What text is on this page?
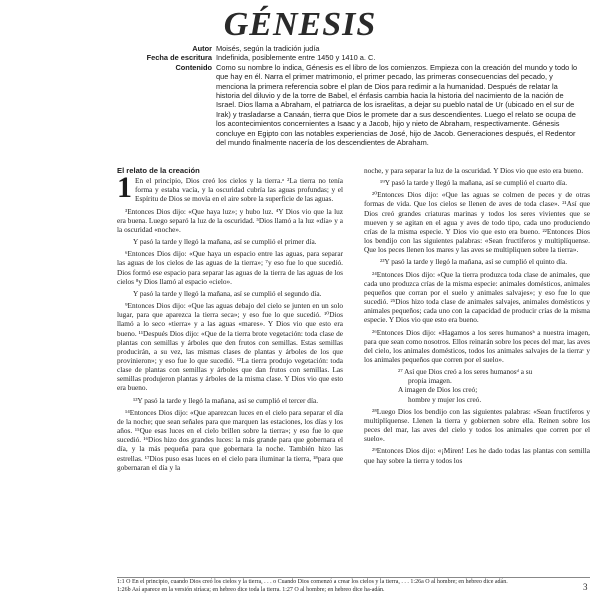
GÉNESIS
Autor Moisés, según la tradición judía
Fecha de escritura Indefinida, posiblemente entre 1450 y 1410 a. C.
Contenido Como su nombre lo indica, Génesis es el libro de los comienzos. Empieza con la creación del mundo y todo lo que hay en él. Narra el primer matrimonio, el primer pecado, las primeras consecuencias del pecado, y menciona la primera referencia sobre el plan de Dios para redimir a la humanidad. Después de relatar la historia del diluvio y de la torre de Babel, el énfasis cambia hacia la historia del nacimiento de la nación de Israel. Dios llama a Abraham, el patriarca de los israelitas, a dejar su pueblo natal de Ur (ubicado en el sur de Irak) y trasladarse a Canaán, tierra que Dios le promete dar a sus descendientes. Luego el relato se ocupa de los acontecimientos concernientes a Isaac y a Jacob, hijo y nieto de Abraham, respectivamente. Génesis concluye en Egipto con las notables experiencias de José, hijo de Jacob. Generaciones después, el Redentor del mundo finalmente nacería de los descendientes de Abraham.
El relato de la creación

1 En el principio, Dios creó los cielos y la tierra.ᵃ ²La tierra no tenía forma y estaba vacía, y la oscuridad cubría las aguas profundas; y el Espíritu de Dios se movía en el aire sobre la superficie de las aguas.

³Entonces Dios dijo: «Que haya luz»; y hubo luz. ⁴Y Dios vio que la luz era buena. Luego separó la luz de la oscuridad. ⁵Dios llamó a la luz «día» y a la oscuridad «noche».

Y pasó la tarde y llegó la mañana, así se cumplió el primer día.

⁶Entonces Dios dijo: «Que haya un espacio entre las aguas, para separar las aguas de los cielos de las aguas de la tierra»; ⁷y eso fue lo que sucedió. Dios formó ese espacio para separar las aguas de la tierra de las aguas de los cielos ⁸y Dios llamó al espacio «cielo».

Y pasó la tarde y llegó la mañana, así se cumplió el segundo día.

⁹Entonces Dios dijo: «Que las aguas debajo del cielo se junten en un solo lugar, para que aparezca la tierra seca»; y eso fue lo que sucedió. ¹⁰Dios llamó a lo seco «tierra» y a las aguas «mares». Y Dios vio que esto era bueno. ¹¹Después Dios dijo: «Que de la tierra brote vegetación: toda clase de plantas con semillas y árboles que den frutos con semillas. Estas semillas producirán, a su vez, las mismas clases de plantas y árboles de los que provinieron»; y eso fue lo que sucedió. ¹²La tierra produjo vegetación: toda clase de plantas con semillas y árboles que dan frutos con semillas. Las semillas produjeron plantas y árboles de la misma clase. Y Dios vio que esto era bueno.

¹³Y pasó la tarde y llegó la mañana, así se cumplió el tercer día.

¹⁴Entonces Dios dijo: «Que aparezcan luces en el cielo para separar el día de la noche; que sean señales para que marquen las estaciones, los días y los años. ¹⁵Que esas luces en el cielo brillen sobre la tierra»; y eso fue lo que sucedió. ¹⁶Dios hizo dos grandes luces: la más grande para que gobernara el día, y la más pequeña para que gobernara la noche. También hizo las estrellas. ¹⁷Dios puso esas luces en el cielo para iluminar la tierra, ¹⁸para que gobernaran el día y la

noche, y para separar la luz de la oscuridad. Y Dios vio que esto era bueno.

¹⁹Y pasó la tarde y llegó la mañana, así se cumplió el cuarto día.

²⁰Entonces Dios dijo: «Que las aguas se colmen de peces y de otras formas de vida. Que los cielos se llenen de aves de toda clase». ²¹Así que Dios creó grandes criaturas marinas y todos los seres vivientes que se mueven y se agitan en el agua y aves de todo tipo, cada uno produciendo crías de la misma especie. Y Dios vio que esto era bueno. ²²Entonces Dios los bendijo con las siguientes palabras: «Sean fructíferos y multiplíquense. Que los peces llenen los mares y las aves se multipliquen sobre la tierra».

²³Y pasó la tarde y llegó la mañana, así se cumplió el quinto día.

²⁴Entonces Dios dijo: «Que la tierra produzca toda clase de animales, que cada uno produzca crías de la misma especie: animales domésticos, animales pequeños que corran por el suelo y animales salvajes»; y eso fue lo que sucedió. ²⁵Dios hizo toda clase de animales salvajes, animales domésticos y animales pequeños; cada uno con la capacidad de producir crías de la misma especie. Y Dios vio que esto era bueno.

²⁶Entonces Dios dijo: «Hagamos a los seres humanosᵇ a nuestra imagen, para que sean como nosotros. Ellos reinarán sobre los peces del mar, las aves del cielo, los animales domésticos, todos los animales salvajes de la tierraᶜ y los animales pequeños que corren por el suelo».

²⁷ Así que Dios creó a los seres humanosᵈ a su
propia imagen.
A imagen de Dios los creó;
hombre y mujer los creó.

²⁸Luego Dios los bendijo con las siguientes palabras: «Sean fructíferos y multiplíquense. Llenen la tierra y gobiernen sobre ella. Reinen sobre los peces del mar, las aves del cielo y todos los animales que corren por el suelo».

²⁹Entonces Dios dijo: «¡Miren! Les he dado todas las plantas con semilla que hay sobre la tierra y todos los

1:1 O En el principio, cuando Dios creó los cielos y la tierra, . . . o Cuando Dios comenzó a crear los cielos y la tierra, . . . 1:26a O al hombre; en hebreo dice adán.
1:26b Así aparece en la versión siríaca; en hebreo dice toda la tierra. 1:27 O al hombre; en hebreo dice ha-adán.	3
